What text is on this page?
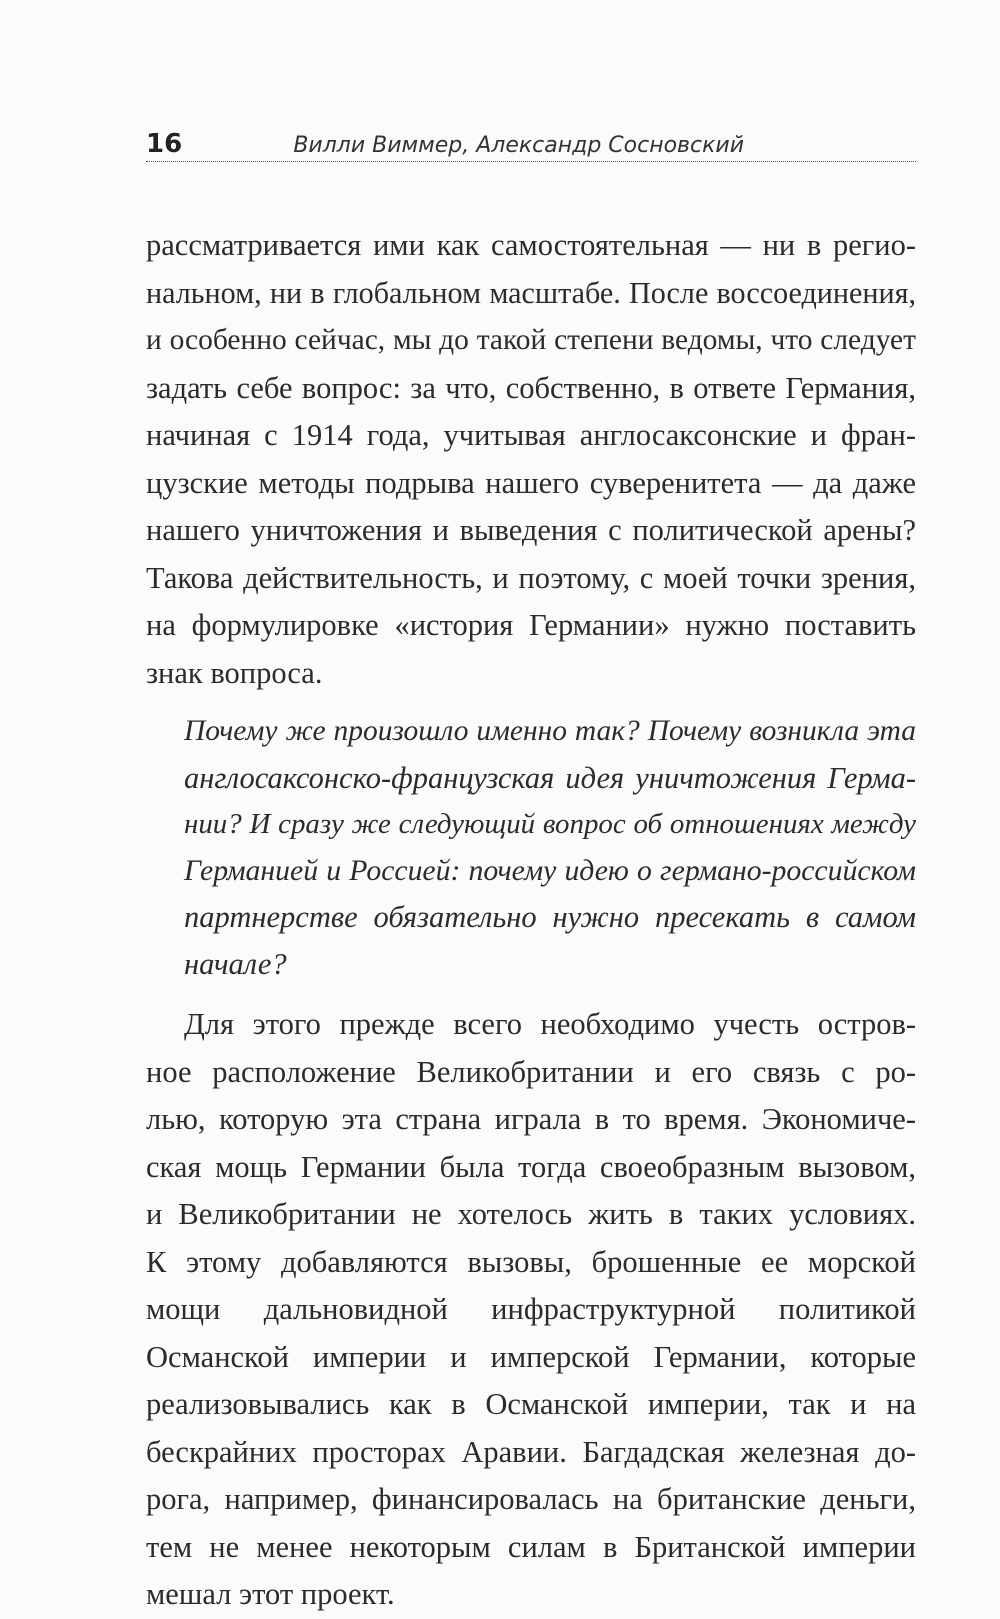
16	Вилли Виммер, Александр Сосновский
рассматривается ими как самостоятельная — ни в регио-
нальном, ни в глобальном масштабе. После воссоединения,
и особенно сейчас, мы до такой степени ведомы, что следует
задать себе вопрос: за что, собственно, в ответе Германия,
начиная с 1914 года, учитывая англосаксонские и фран-
цузские методы подрыва нашего суверенитета — да даже
нашего уничтожения и выведения с политической арены?
Такова действительность, и поэтому, с моей точки зрения,
на формулировке «история Германии» нужно поставить
знак вопроса.
Почему же произошло именно так? Почему возникла эта
англосаксонско-французская идея уничтожения Герма-
нии? И сразу же следующий вопрос об отношениях между
Германией и Россией: почему идею о германо-российском
партнерстве обязательно нужно пресекать в самом
начале?
Для этого прежде всего необходимо учесть остров-
ное расположение Великобритании и его связь с ро-
лью, которую эта страна играла в то время. Экономиче-
ская мощь Германии была тогда своеобразным вызовом,
и Великобритании не хотелось жить в таких условиях.
К этому добавляются вызовы, брошенные ее морской
мощи дальновидной инфраструктурной политикой
Османской империи и имперской Германии, которые
реализовывались как в Османской империи, так и на
бескрайних просторах Аравии. Багдадская железная до-
рога, например, финансировалась на британские деньги,
тем не менее некоторым силам в Британской империи
мешал этот проект.
